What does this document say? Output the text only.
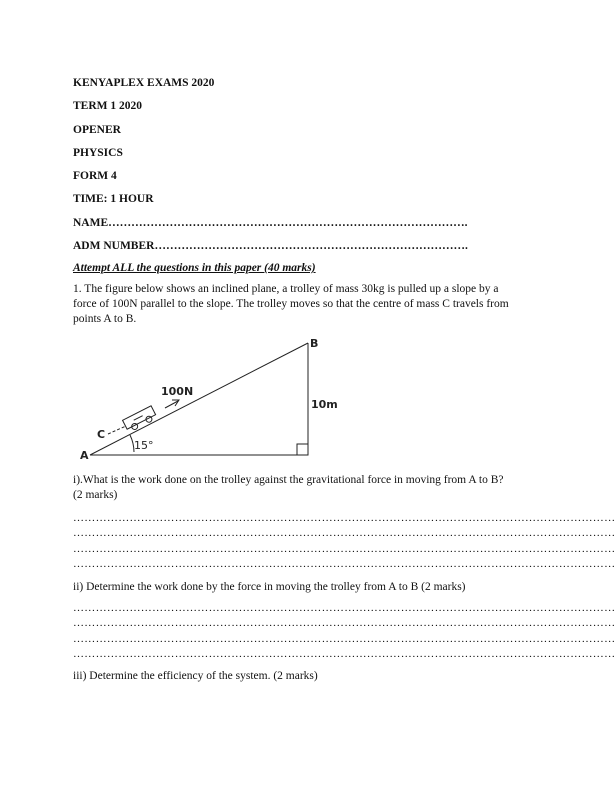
KENYAPLEX EXAMS 2020
TERM 1 2020
OPENER
PHYSICS
FORM 4
TIME: 1 HOUR
NAME………………………………………………………………………………….
ADM NUMBER……………………………………………………………………….
Attempt ALL the questions in this paper (40 marks)
1. The figure below shows an inclined plane, a trolley of mass 30kg is pulled up a slope by a
force of 100N parallel to the slope. The trolley moves so that the centre of mass C travels from
points A to B.
A
B
C
100N
10m
15°
i).What is the work done on the trolley against the gravitational force in moving from A to B?
(2 marks)
………………………………………………………………………………………………………………………………
………………………………………………………………………………………………………………………………
………………………………………………………………………………………………………………………………
………………………………………………………………………………………………………………………………
ii) Determine the work done by the force in moving the trolley from A to B (2 marks)
………………………………………………………………………………………………………………………………
………………………………………………………………………………………………………………………………
………………………………………………………………………………………………………………………………
………………………………………………………………………………………………………………………………
iii) Determine the efficiency of the system. (2 marks)
